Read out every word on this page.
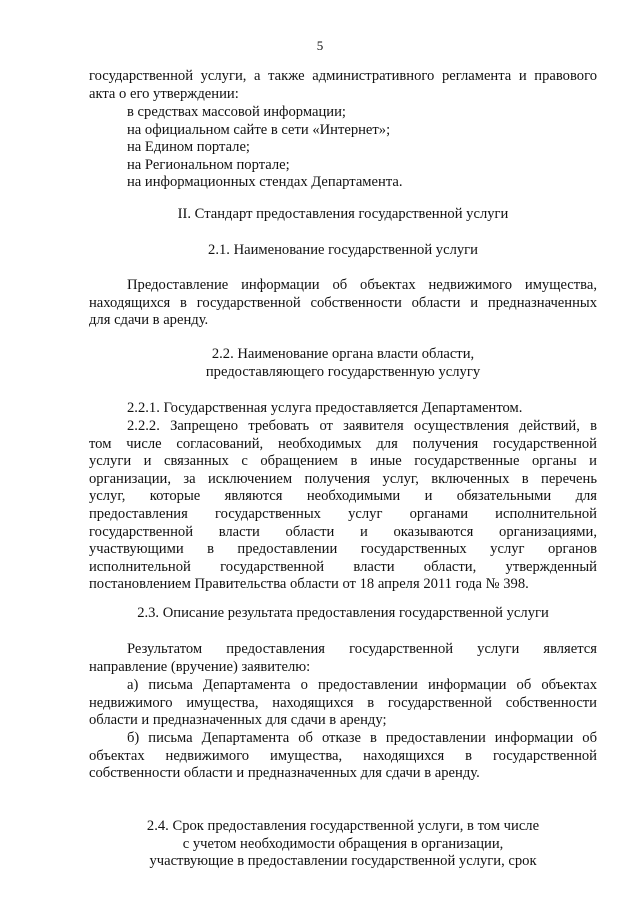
5
государственной услуги, а также административного регламента и правового
акта о его утверждении:
в средствах массовой информации;
на официальном сайте в сети «Интернет»;
на Едином портале;
на Региональном портале;
на информационных стендах Департамента.
II. Стандарт предоставления государственной услуги
2.1. Наименование государственной услуги
Предоставление информации об объектах недвижимого имущества,
находящихся в государственной собственности области и предназначенных
для сдачи в аренду.
2.2. Наименование органа власти области,
предоставляющего государственную услугу
2.2.1. Государственная услуга предоставляется Департаментом.
2.2.2. Запрещено требовать от заявителя осуществления действий, в
том числе согласований, необходимых для получения государственной
услуги и связанных с обращением в иные государственные органы и
организации, за исключением получения услуг, включенных в перечень
услуг, которые являются необходимыми и обязательными для
предоставления государственных услуг органами исполнительной
государственной власти области и оказываются организациями,
участвующими в предоставлении государственных услуг органов
исполнительной государственной власти области, утвержденный
постановлением Правительства области от 18 апреля 2011 года № 398.
2.3. Описание результата предоставления государственной услуги
Результатом предоставления государственной услуги является
направление (вручение) заявителю:
а) письма Департамента о предоставлении информации об объектах
недвижимого имущества, находящихся в государственной собственности
области и предназначенных для сдачи в аренду;
б) письма Департамента об отказе в предоставлении информации об
объектах недвижимого имущества, находящихся в государственной
собственности области и предназначенных для сдачи в аренду.
2.4. Срок предоставления государственной услуги, в том числе
с учетом необходимости обращения в организации,
участвующие в предоставлении государственной услуги, срок
